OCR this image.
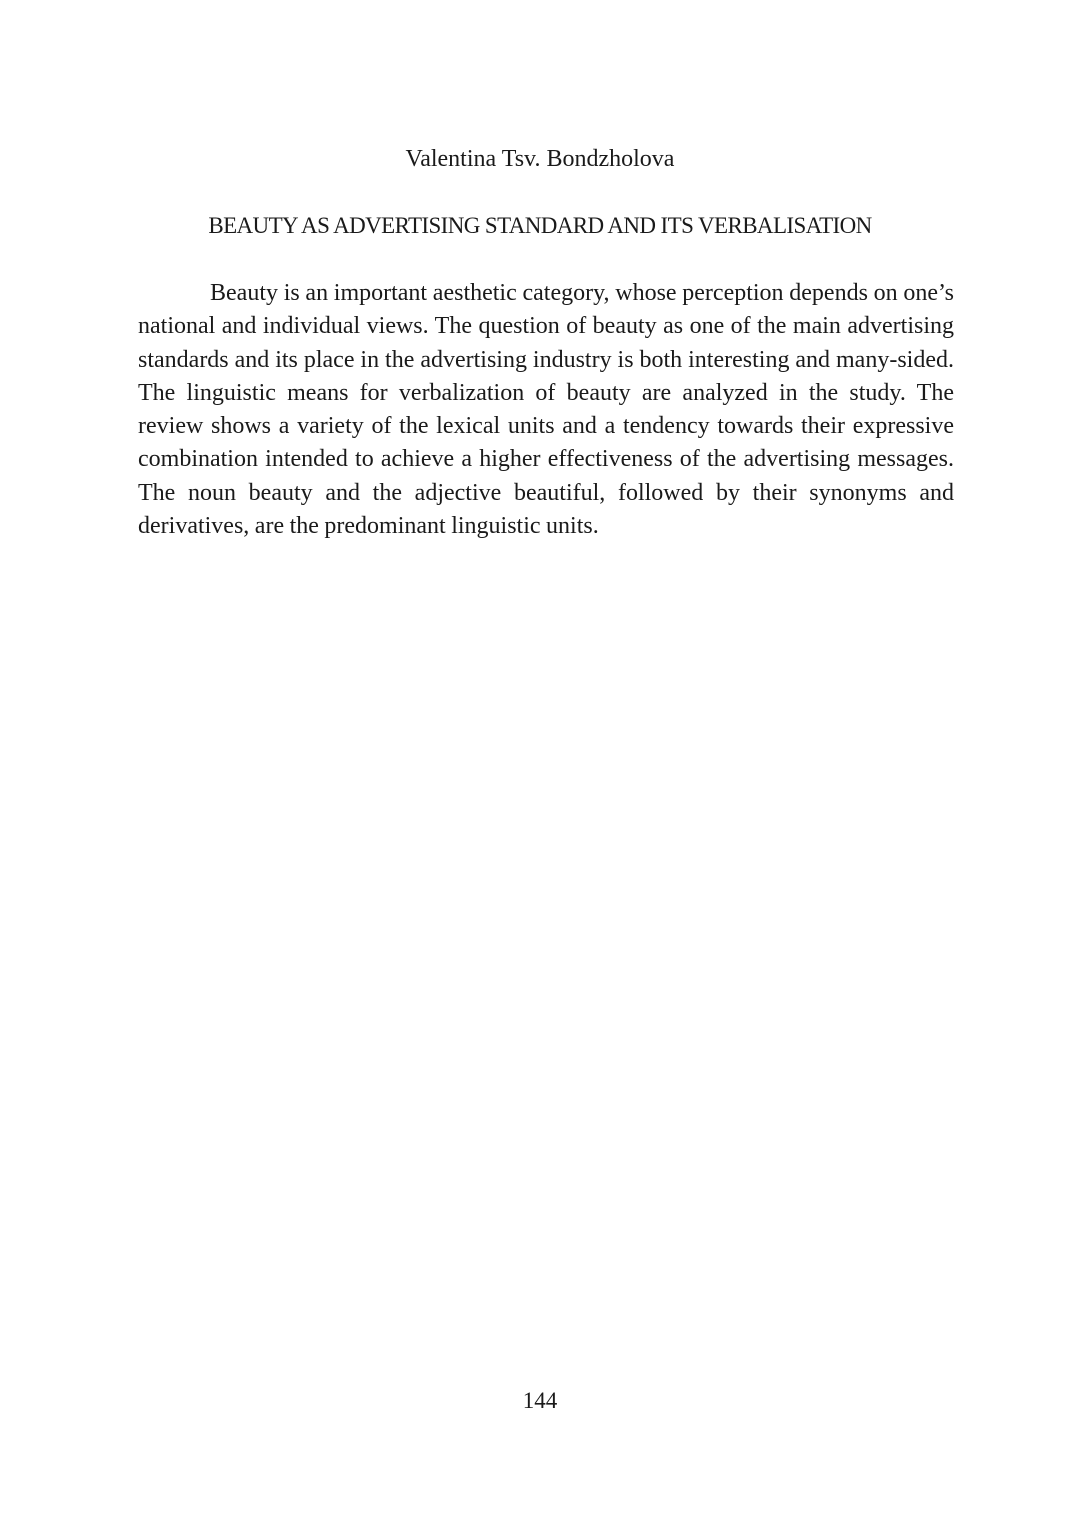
Valentina Tsv. Bondzholova

BEAUTY AS ADVERTISING STANDARD AND ITS VERBALISATION

Beauty is an important aesthetic category, whose perception depends on one’s national and individual views. The question of beauty as one of the main advertising standards and its place in the advertising industry is both interesting and many-sided. The linguistic means for verbalization of beauty are analyzed in the study. The review shows a variety of the lexical units and a tendency towards their expressive combination intended to achieve a higher effectiveness of the advertising messages. The noun beauty and the adjective beautiful, followed by their synonyms and derivatives, are the predominant linguistic units.

144
